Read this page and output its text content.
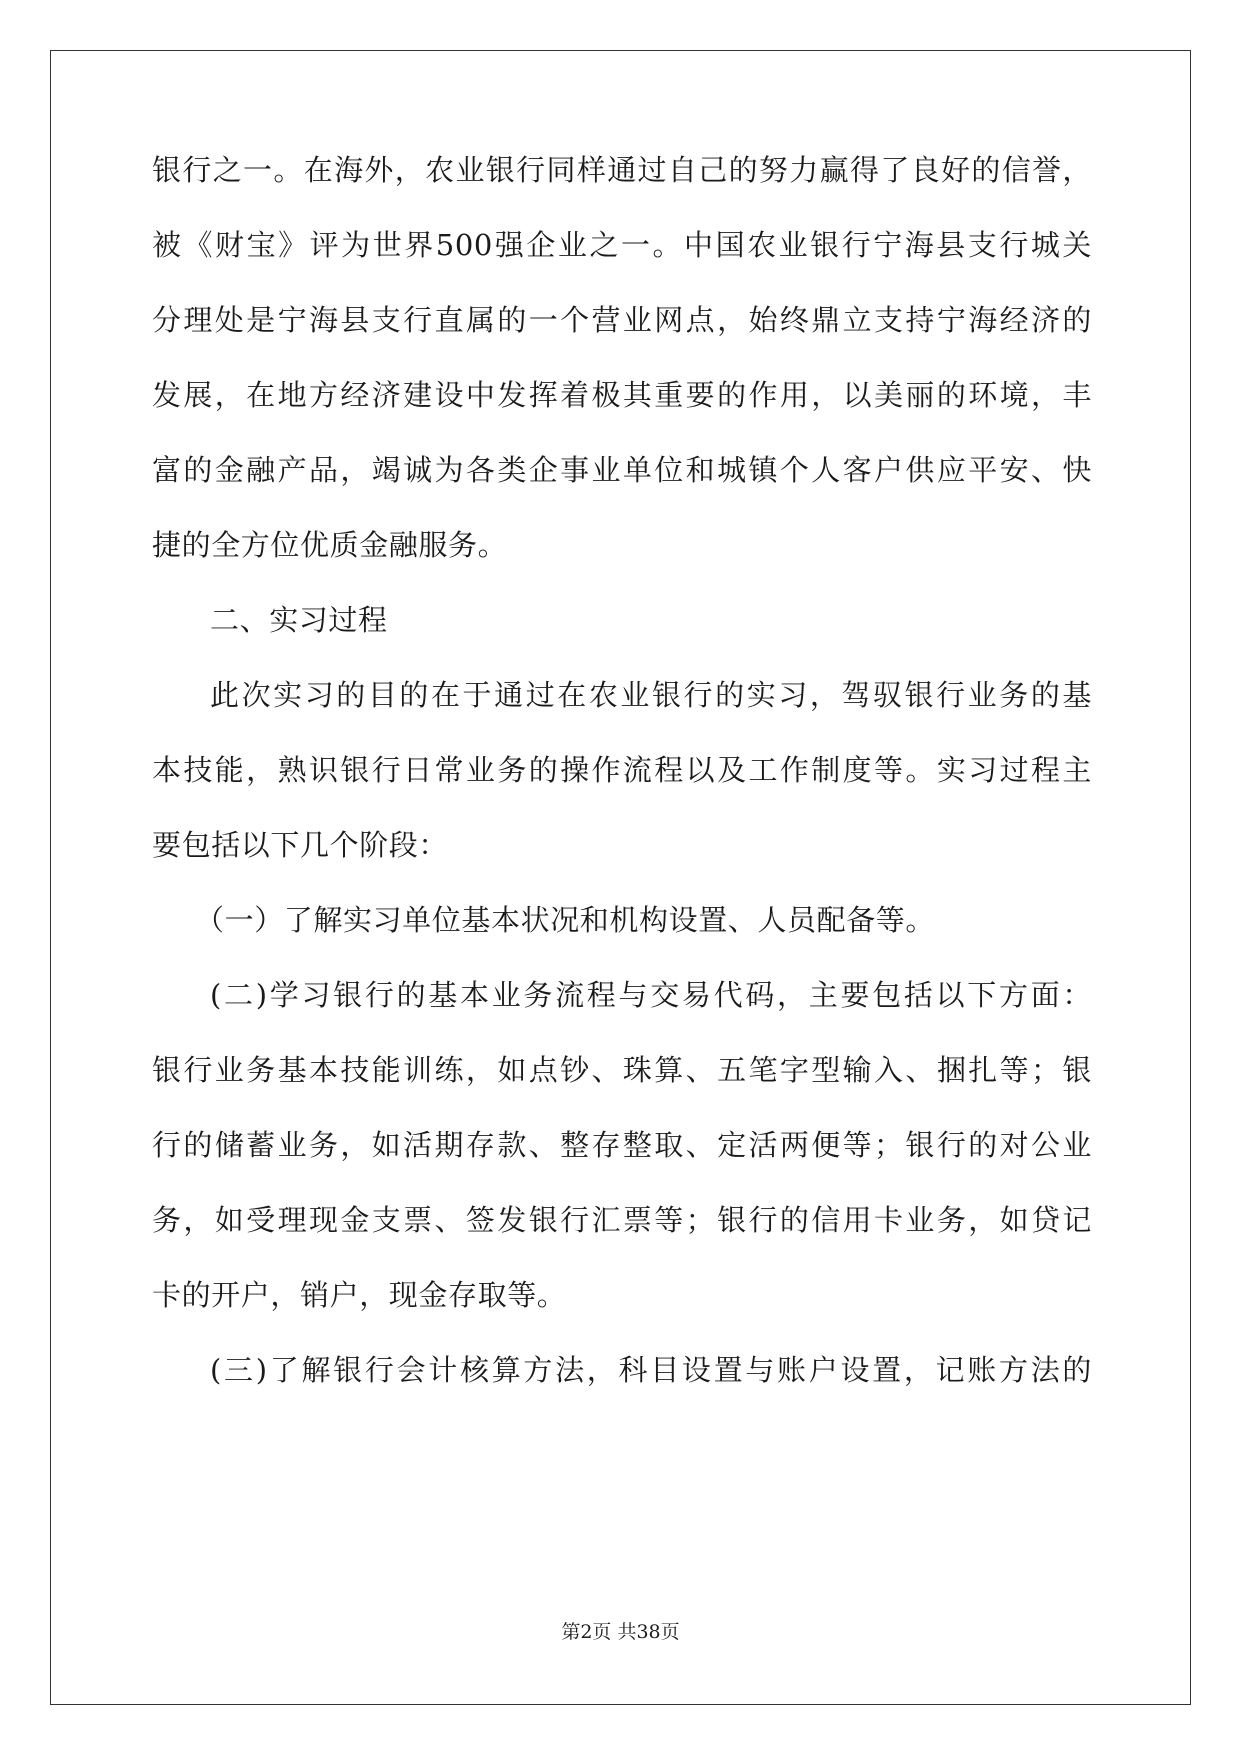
银行之一。在海外，农业银行同样通过自己的努力赢得了良好的信誉，
被《财宝》评为世界500强企业之一。中国农业银行宁海县支行城关
分理处是宁海县支行直属的一个营业网点，始终鼎立支持宁海经济的
发展，在地方经济建设中发挥着极其重要的作用，以美丽的环境，丰
富的金融产品，竭诚为各类企事业单位和城镇个人客户供应平安、快
捷的全方位优质金融服务。
二、实习过程
此次实习的目的在于通过在农业银行的实习，驾驭银行业务的基
本技能，熟识银行日常业务的操作流程以及工作制度等。实习过程主
要包括以下几个阶段：
（一）了解实习单位基本状况和机构设置、人员配备等。
(二)学习银行的基本业务流程与交易代码，主要包括以下方面：
银行业务基本技能训练，如点钞、珠算、五笔字型输入、捆扎等；银
行的储蓄业务，如活期存款、整存整取、定活两便等；银行的对公业
务，如受理现金支票、签发银行汇票等；银行的信用卡业务，如贷记
卡的开户，销户，现金存取等。
(三)了解银行会计核算方法，科目设置与账户设置，记账方法的
第2页 共38页
